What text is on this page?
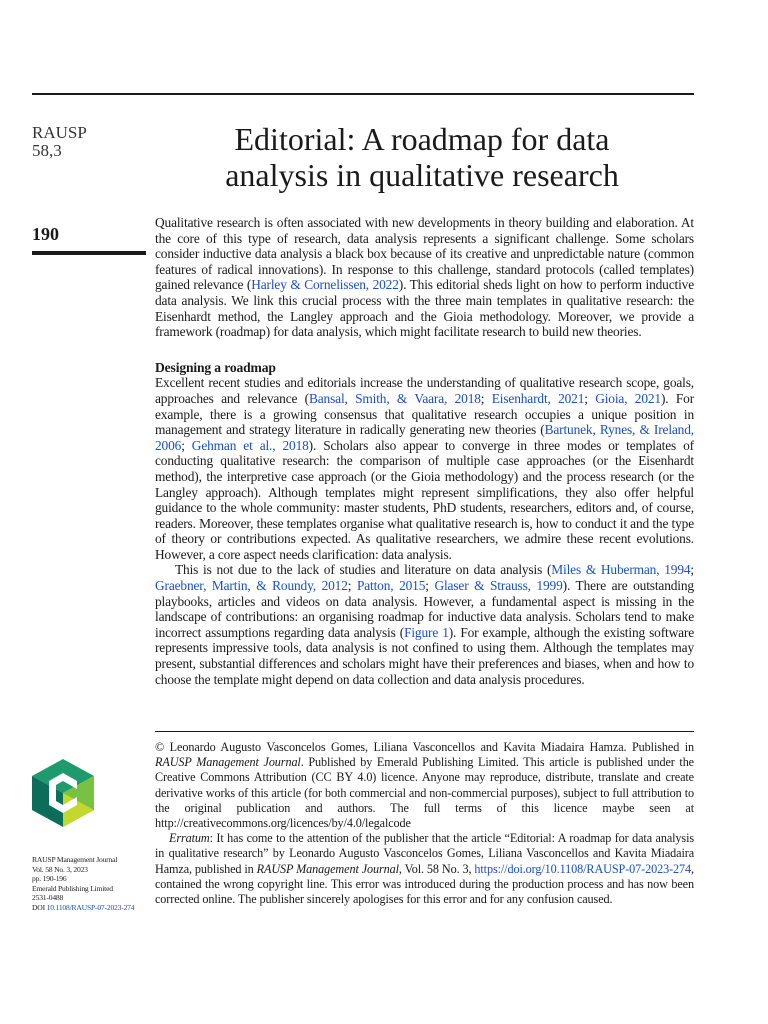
RAUSP
58,3
190
Editorial: A roadmap for data
analysis in qualitative research

Qualitative research is often associated with new developments in theory building and elaboration. At the core of this type of research, data analysis represents a significant challenge. Some scholars consider inductive data analysis a black box because of its creative and unpredictable nature (common features of radical innovations). In response to this challenge, standard protocols (called templates) gained relevance (Harley & Cornelissen, 2022). This editorial sheds light on how to perform inductive data analysis. We link this crucial process with the three main templates in qualitative research: the Eisenhardt method, the Langley approach and the Gioia methodology. Moreover, we provide a framework (roadmap) for data analysis, which might facilitate research to build new theories.

Designing a roadmap

Excellent recent studies and editorials increase the understanding of qualitative research scope, goals, approaches and relevance (Bansal, Smith, & Vaara, 2018; Eisenhardt, 2021; Gioia, 2021). For example, there is a growing consensus that qualitative research occupies a unique position in management and strategy literature in radically generating new theories (Bartunek, Rynes, & Ireland, 2006; Gehman et al., 2018). Scholars also appear to converge in three modes or templates of conducting qualitative research: the comparison of multiple case approaches (or the Eisenhardt method), the interpretive case approach (or the Gioia methodology) and the process research (or the Langley approach). Although templates might represent simplifications, they also offer helpful guidance to the whole community: master students, PhD students, researchers, editors and, of course, readers. Moreover, these templates organise what qualitative research is, how to conduct it and the type of theory or contributions expected. As qualitative researchers, we admire these recent evolutions. However, a core aspect needs clarification: data analysis.

This is not due to the lack of studies and literature on data analysis (Miles & Huberman, 1994; Graebner, Martin, & Roundy, 2012; Patton, 2015; Glaser & Strauss, 1999). There are outstanding playbooks, articles and videos on data analysis. However, a fundamental aspect is missing in the landscape of contributions: an organising roadmap for inductive data analysis. Scholars tend to make incorrect assumptions regarding data analysis (Figure 1). For example, although the existing software represents impressive tools, data analysis is not confined to using them. Although the templates may present, substantial differences and scholars might have their preferences and biases, when and how to choose the template might depend on data collection and data analysis procedures.

© Leonardo Augusto Vasconcelos Gomes, Liliana Vasconcellos and Kavita Miadaira Hamza. Published in RAUSP Management Journal. Published by Emerald Publishing Limited. This article is published under the Creative Commons Attribution (CC BY 4.0) licence. Anyone may reproduce, distribute, translate and create derivative works of this article (for both commercial and non-commercial purposes), subject to full attribution to the original publication and authors. The full terms of this licence maybe seen at http://creativecommons.org/licences/by/4.0/legalcode

Erratum: It has come to the attention of the publisher that the article “Editorial: A roadmap for data analysis in qualitative research” by Leonardo Augusto Vasconcelos Gomes, Liliana Vasconcellos and Kavita Miadaira Hamza, published in RAUSP Management Journal, Vol. 58 No. 3, https://doi.org/10.1108/RAUSP-07-2023-274, contained the wrong copyright line. This error was introduced during the production process and has now been corrected online. The publisher sincerely apologises for this error and for any confusion caused.

RAUSP Management Journal
Vol. 58 No. 3, 2023
pp. 190-196
Emerald Publishing Limited
2531-0488
DOI 10.1108/RAUSP-07-2023-274
